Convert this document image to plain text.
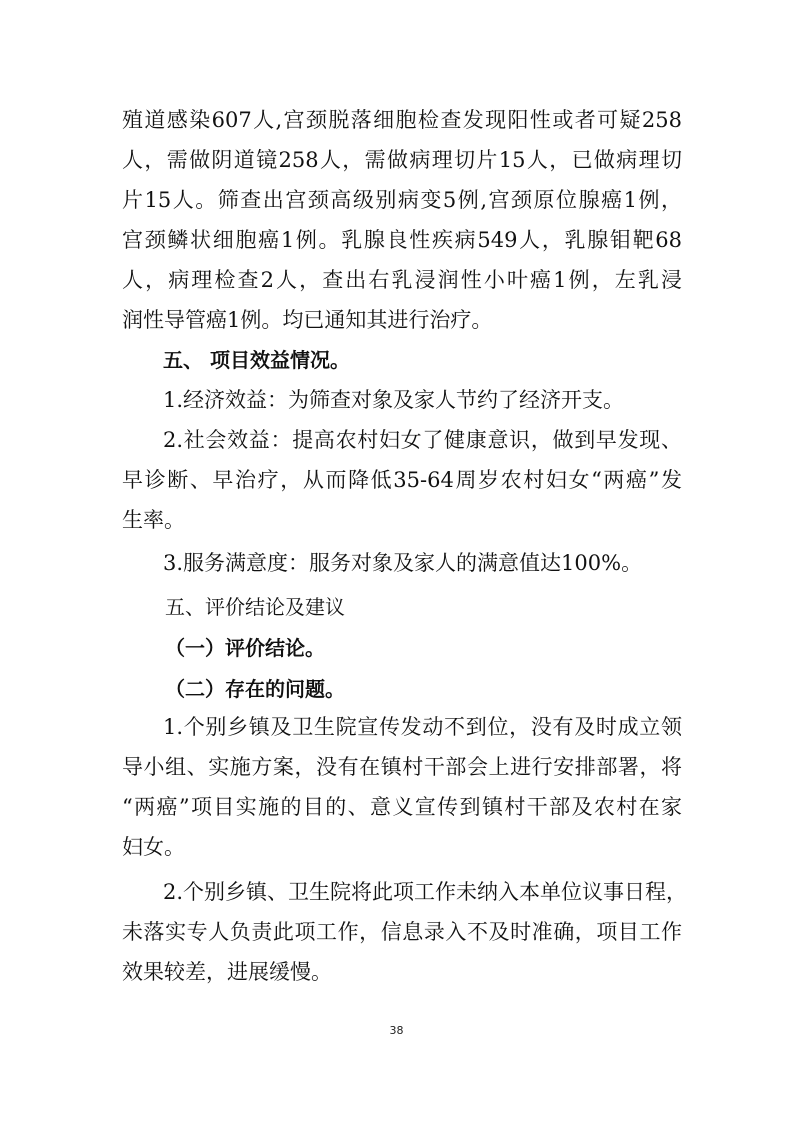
殖道感染607人,宫颈脱落细胞检查发现阳性或者可疑258
人，需做阴道镜258人，需做病理切片15人，已做病理切
片15人。筛查出宫颈高级别病变5例,宫颈原位腺癌1例，
宫颈鳞状细胞癌1例。乳腺良性疾病549人，乳腺钼靶68
人，病理检查2人，查出右乳浸润性小叶癌1例，左乳浸
润性导管癌1例。均已通知其进行治疗。
五、 项目效益情况。
1.经济效益：为筛查对象及家人节约了经济开支。
2.社会效益：提高农村妇女了健康意识，做到早发现、
早诊断、早治疗，从而降低35-64周岁农村妇女“两癌”发
生率。
3.服务满意度：服务对象及家人的满意值达100%。
五、评价结论及建议
（一）评价结论。
（二）存在的问题。
1.个别乡镇及卫生院宣传发动不到位，没有及时成立领
导小组、实施方案，没有在镇村干部会上进行安排部署，将
“两癌”项目实施的目的、意义宣传到镇村干部及农村在家
妇女。
2.个别乡镇、卫生院将此项工作未纳入本单位议事日程，
未落实专人负责此项工作，信息录入不及时准确，项目工作
效果较差，进展缓慢。
38
